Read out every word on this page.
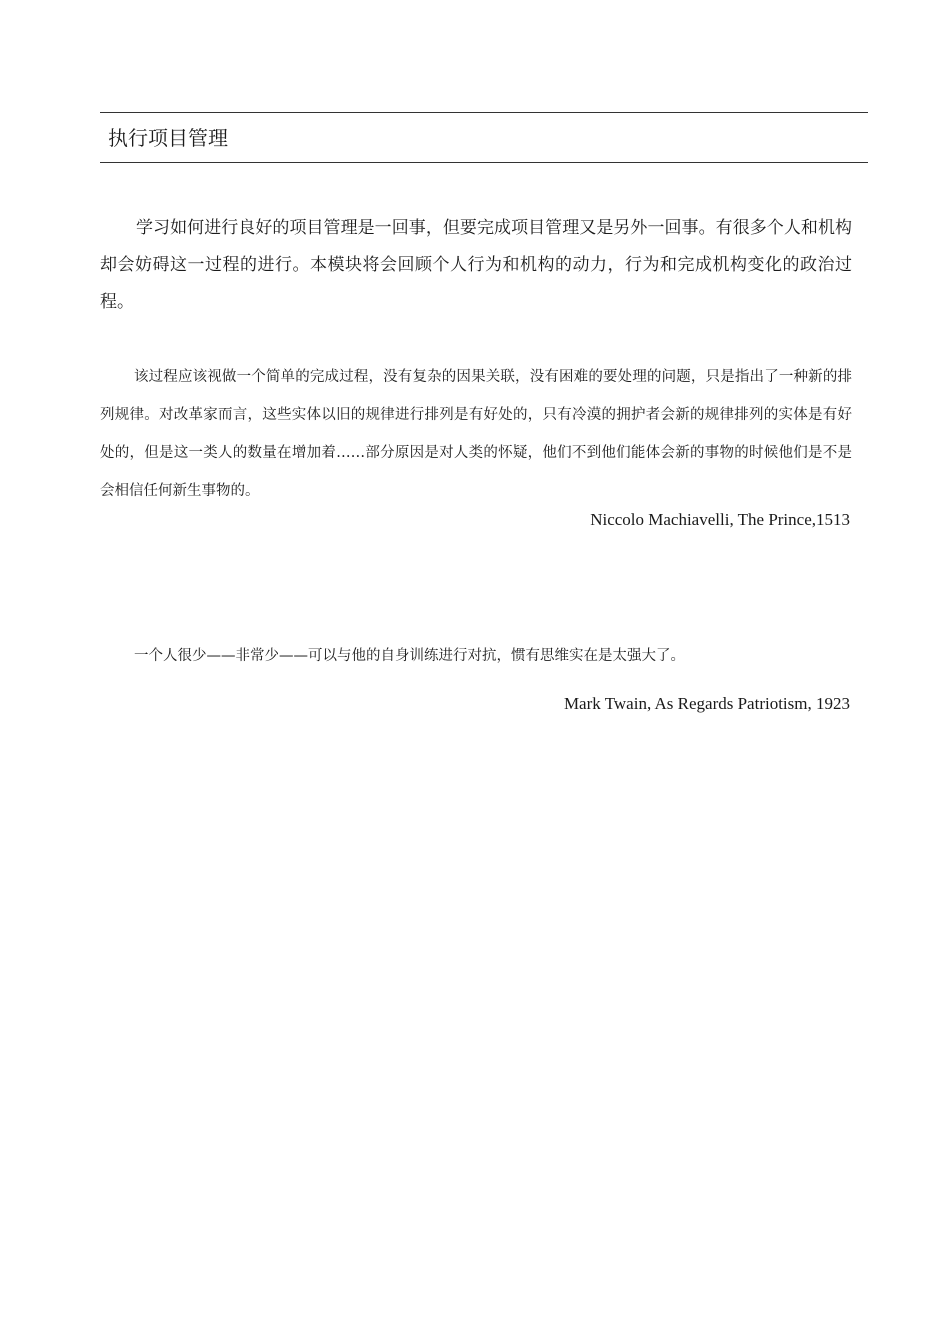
执行项目管理

学习如何进行良好的项目管理是一回事，但要完成项目管理又是另外一回事。有很多个人和机构却会妨碍这一过程的进行。本模块将会回顾个人行为和机构的动力，行为和完成机构变化的政治过程。

该过程应该视做一个简单的完成过程，没有复杂的因果关联，没有困难的要处理的问题，只是指出了一种新的排列规律。对改革家而言，这些实体以旧的规律进行排列是有好处的，只有冷漠的拥护者会新的规律排列的实体是有好处的，但是这一类人的数量在增加着……部分原因是对人类的怀疑，他们不到他们能体会新的事物的时候他们是不是会相信任何新生事物的。

Niccolo Machiavelli, The Prince,1513

一个人很少——非常少——可以与他的自身训练进行对抗，惯有思维实在是太强大了。

Mark Twain, As Regards Patriotism, 1923
